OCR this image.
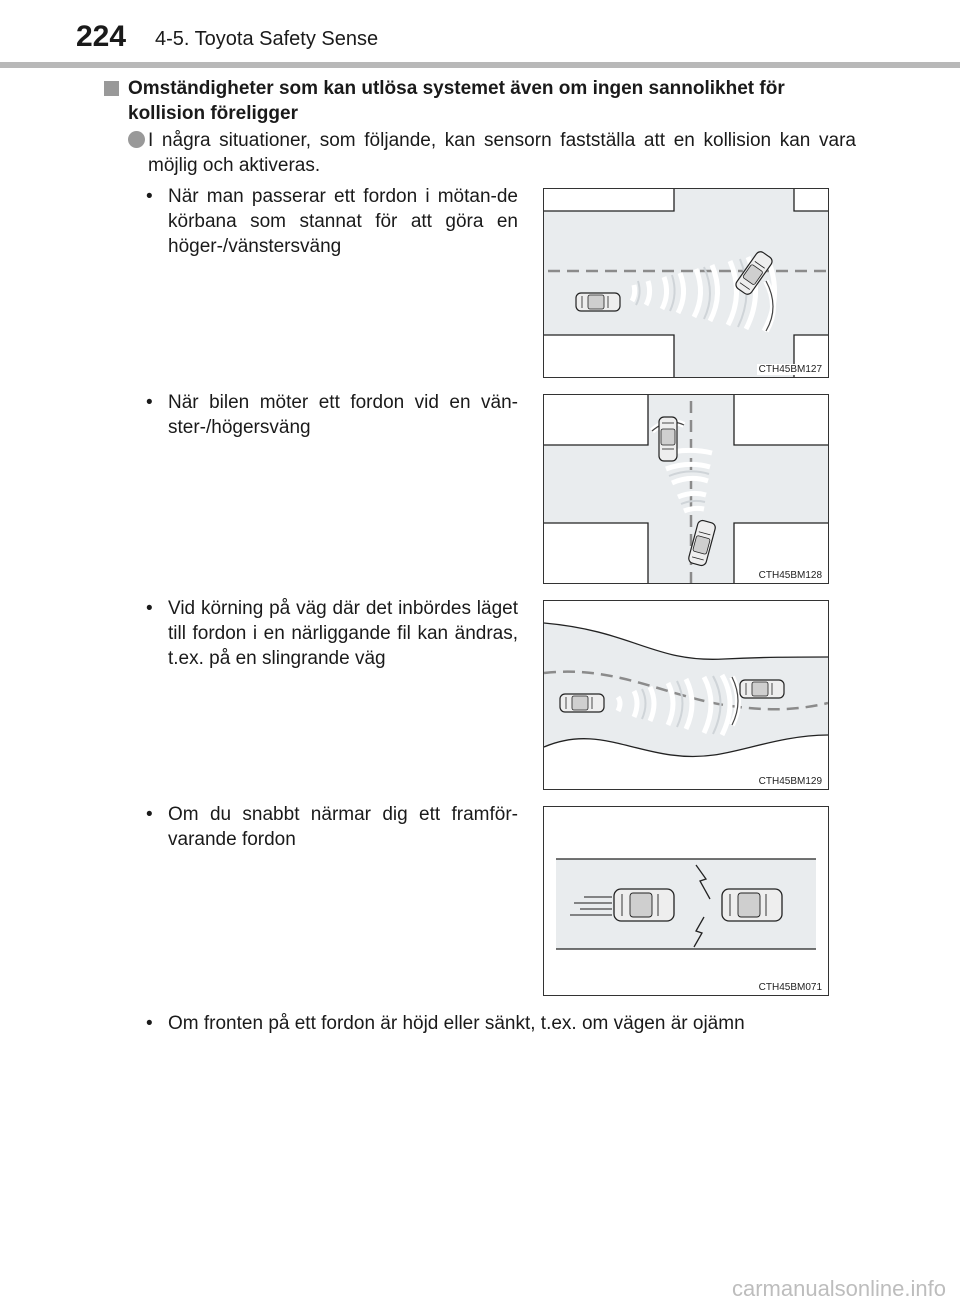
224 4-5. Toyota Safety Sense
Omständigheter som kan utlösa systemet även om ingen sannolikhet för kollision föreligger
I några situationer, som följande, kan sensorn fastställa att en kollision kan vara möjlig och aktiveras.
• När man passerar ett fordon i mötan-de körbana som stannat för att göra en höger-/vänstersväng
CTH45BM127
• När bilen möter ett fordon vid en vän-ster-/högersväng
CTH45BM128
• Vid körning på väg där det inbördes läget till fordon i en närliggande fil kan ändras, t.ex. på en slingrande väg
CTH45BM129
• Om du snabbt närmar dig ett framför-varande fordon
CTH45BM071
• Om fronten på ett fordon är höjd eller sänkt, t.ex. om vägen är ojämn
carmanualsonline.info
